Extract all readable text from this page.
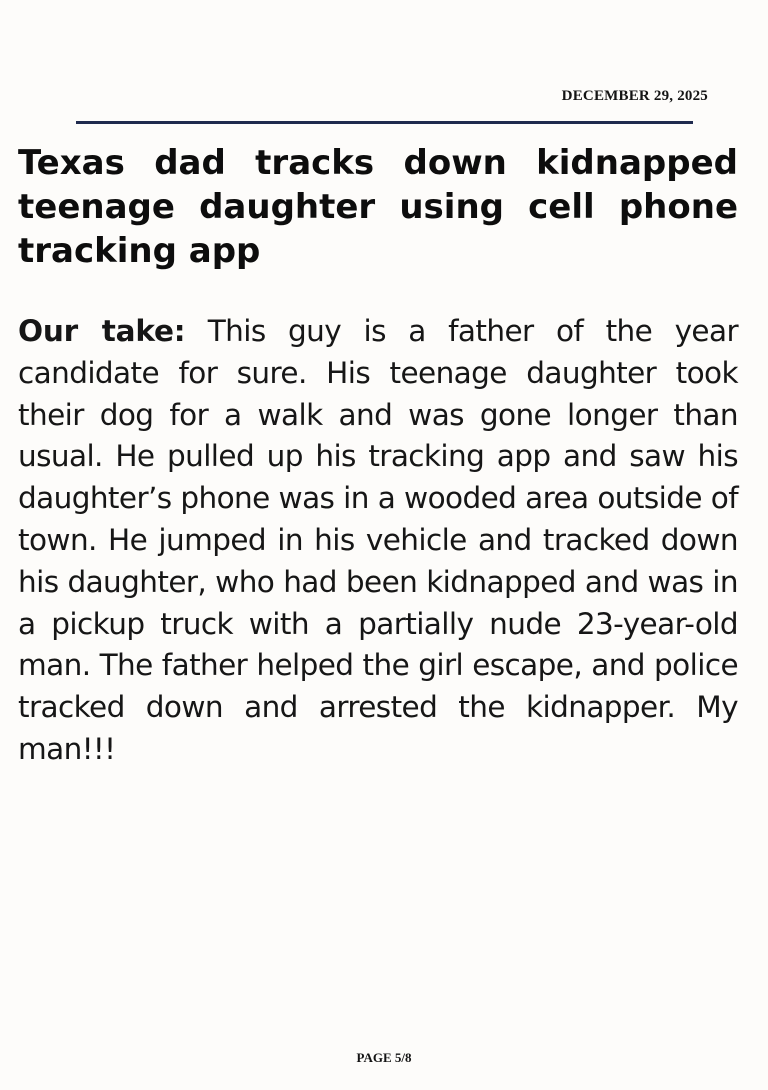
DECEMBER 29, 2025
Texas dad tracks down kidnapped teenage daughter using cell phone tracking app

Our take: This guy is a father of the year candidate for sure. His teenage daughter took their dog for a walk and was gone longer than usual. He pulled up his tracking app and saw his daughter’s phone was in a wooded area outside of town. He jumped in his vehicle and tracked down his daughter, who had been kidnapped and was in a pickup truck with a partially nude 23-year-old man. The father helped the girl escape, and police tracked down and arrested the kidnapper. My man!!!

PAGE 5/8
